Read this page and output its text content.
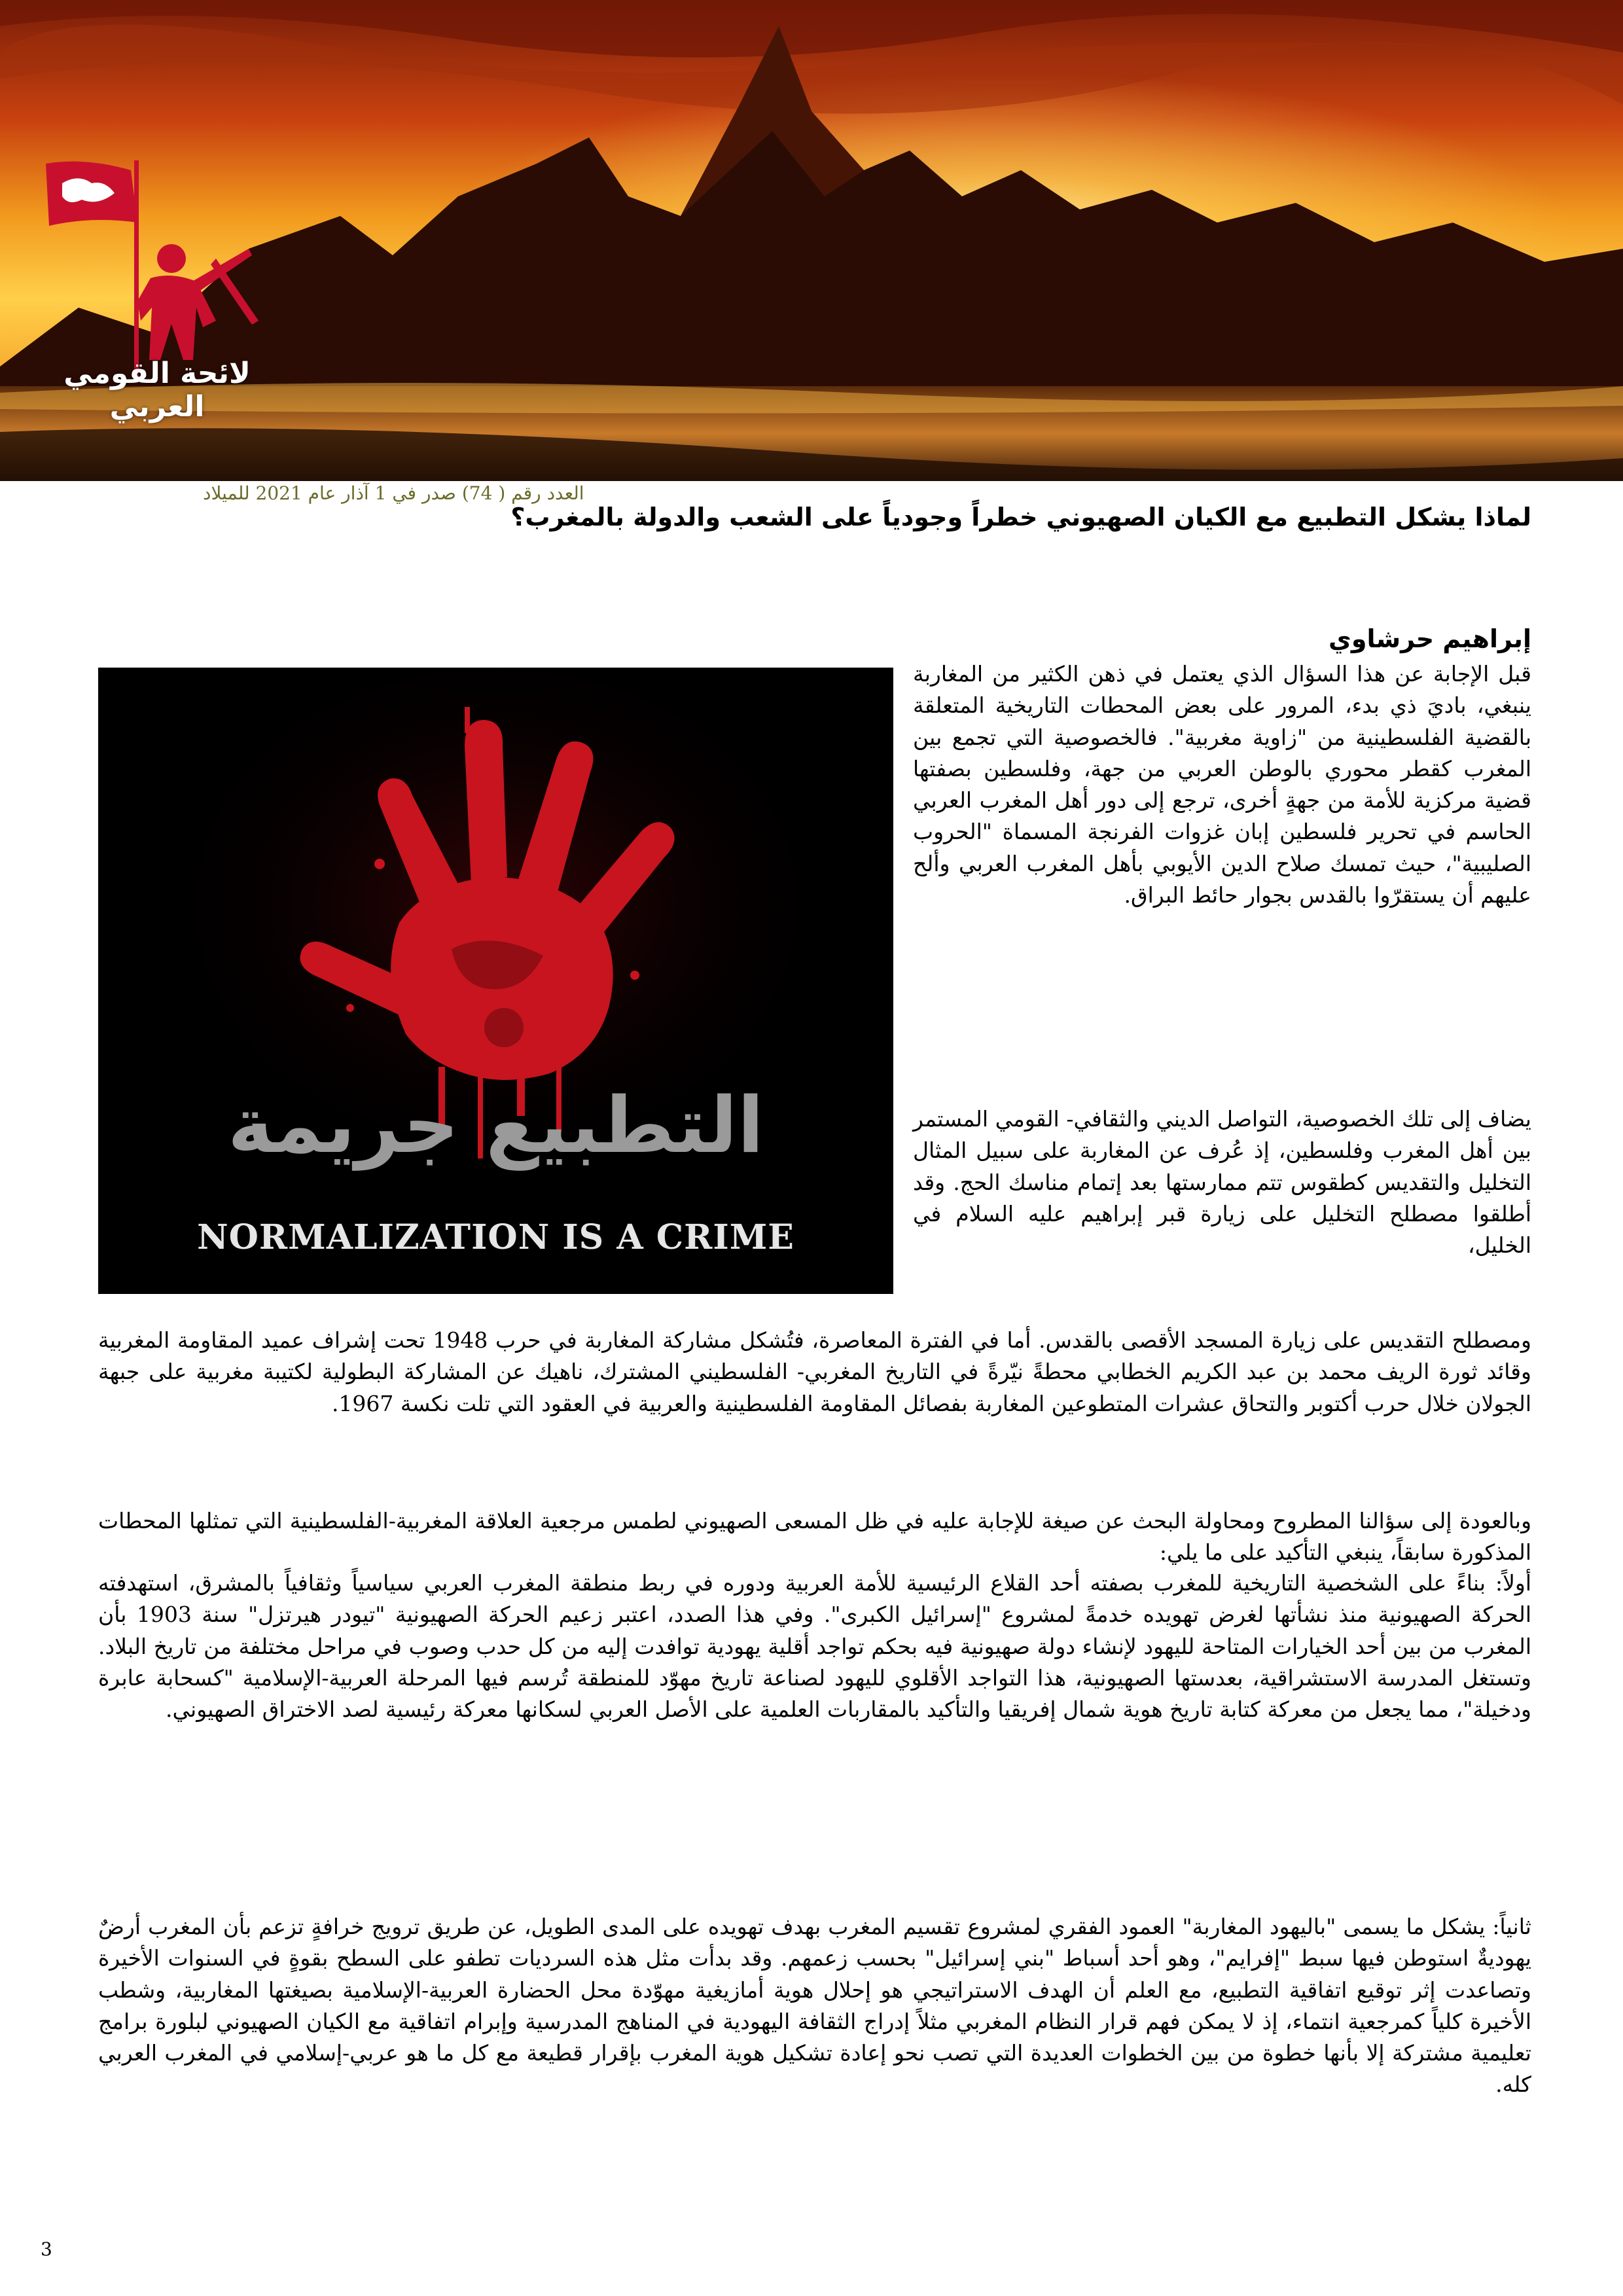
لائحة القومي العربي
العدد رقم ( 74) صدر في 1 آذار عام 2021 للميلاد
لماذا يشكل التطبيع مع الكيان الصهيوني خطراً وجودياً على الشعب والدولة بالمغرب؟
إبراهيم حرشاوي
التطبيع جريمة
NORMALIZATION IS A CRIME
قبل الإجابة عن هذا السؤال الذي يعتمل في ذهن الكثير من المغاربة ينبغي، باديَ ذي بدء، المرور على بعض المحطات التاريخية المتعلقة بالقضية الفلسطينية من "زاوية مغربية". فالخصوصية التي تجمع بين المغرب كقطر محوري بالوطن العربي من جهة، وفلسطين بصفتها قضية مركزية للأمة من جهةٍ أخرى، ترجع إلى دور أهل المغرب العربي الحاسم في تحرير فلسطين إبان غزوات الفرنجة المسماة "الحروب الصليبية"، حيث تمسك صلاح الدين الأيوبي بأهل المغرب العربي وألح عليهم أن يستقرّوا بالقدس بجوار حائط البراق.
يضاف إلى تلك الخصوصية، التواصل الديني والثقافي- القومي المستمر بين أهل المغرب وفلسطين، إذ عُرف عن المغاربة على سبيل المثال التخليل والتقديس كطقوس تتم ممارستها بعد إتمام مناسك الحج. وقد أطلقوا مصطلح التخليل على زيارة قبر إبراهيم عليه السلام في الخليل،
ومصطلح التقديس على زيارة المسجد الأقصى بالقدس. أما في الفترة المعاصرة، فتُشكل مشاركة المغاربة في حرب 1948 تحت إشراف عميد المقاومة المغربية وقائد ثورة الريف محمد بن عبد الكريم الخطابي محطةً نيّرةً في التاريخ المغربي- الفلسطيني المشترك، ناهيك عن المشاركة البطولية لكتيبة مغربية على جبهة الجولان خلال حرب أكتوبر والتحاق عشرات المتطوعين المغاربة بفصائل المقاومة الفلسطينية والعربية في العقود التي تلت نكسة 1967.
وبالعودة إلى سؤالنا المطروح ومحاولة البحث عن صيغة للإجابة عليه في ظل المسعى الصهيوني لطمس مرجعية العلاقة المغربية-الفلسطينية التي تمثلها المحطات المذكورة سابقاً، ينبغي التأكيد على ما يلي:
أولاً: بناءً على الشخصية التاريخية للمغرب بصفته أحد القلاع الرئيسية للأمة العربية ودوره في ربط منطقة المغرب العربي سياسياً وثقافياً بالمشرق، استهدفته الحركة الصهيونية منذ نشأتها لغرض تهويده خدمةً لمشروع "إسرائيل الكبرى". وفي هذا الصدد، اعتبر زعيم الحركة الصهيونية "تيودر هيرتزل" سنة 1903 بأن المغرب من بين أحد الخيارات المتاحة لليهود لإنشاء دولة صهيونية فيه بحكم تواجد أقلية يهودية توافدت إليه من كل حدب وصوب في مراحل مختلفة من تاريخ البلاد. وتستغل المدرسة الاستشراقية، بعدستها الصهيونية، هذا التواجد الأقلوي لليهود لصناعة تاريخ مهوّد للمنطقة تُرسم فيها المرحلة العربية-الإسلامية "كسحابة عابرة ودخيلة"، مما يجعل من معركة كتابة تاريخ هوية شمال إفريقيا والتأكيد بالمقاربات العلمية على الأصل العربي لسكانها معركة رئيسية لصد الاختراق الصهيوني.
ثانياً: يشكل ما يسمى "باليهود المغاربة" العمود الفقري لمشروع تقسيم المغرب بهدف تهويده على المدى الطويل، عن طريق ترويج خرافةٍ تزعم بأن المغرب أرضٌ يهوديةٌ استوطن فيها سبط "إفرايم"، وهو أحد أسباط "بني إسرائيل" بحسب زعمهم. وقد بدأت مثل هذه السرديات تطفو على السطح بقوةٍ في السنوات الأخيرة وتصاعدت إثر توقيع اتفاقية التطبيع، مع العلم أن الهدف الاستراتيجي هو إحلال هوية أمازيغية مهوّدة محل الحضارة العربية-الإسلامية بصيغتها المغاربية، وشطب الأخيرة كلياً كمرجعية انتماء، إذ لا يمكن فهم قرار النظام المغربي مثلاً إدراج الثقافة اليهودية في المناهج المدرسية وإبرام اتفاقية مع الكيان الصهيوني لبلورة برامج تعليمية مشتركة إلا بأنها خطوة من بين الخطوات العديدة التي تصب نحو إعادة تشكيل هوية المغرب بإقرار قطيعة مع كل ما هو عربي-إسلامي في المغرب العربي كله.
3
